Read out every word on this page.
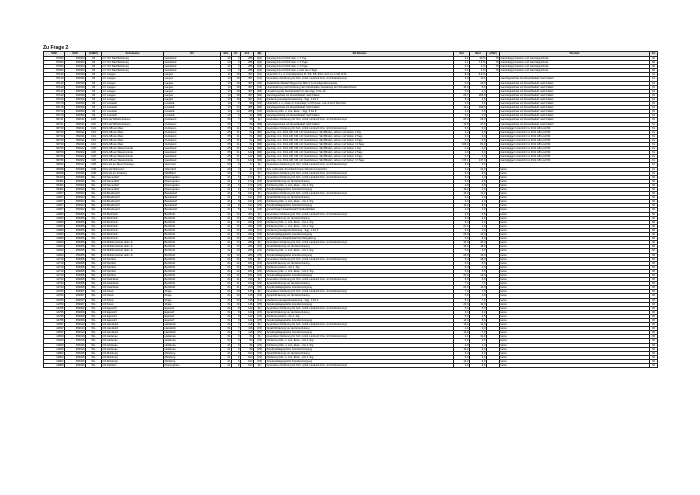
Zu Frage 2
SNR	SGS	[LNR2]	Schulname	Ort	SGL	KL	Sch	[B]	ZB-Klartext	Std	Wert	[ANZ]	Klartext	Art
87064	352003	O4	GY IGY Bad Berleburg	Gesstland	23	4	285	[Q2]	Ganztag FG-GY/IGS Sek. I / 1 Tsg.	3,2	40 %	79	Internatsgymnasium und Ganztagsschule	00
87064	352003	O4	GY IGY Bad Berleburg	Gesstland	23	4	285	[Q2]	Ganztag FG-GY/IGS Sek. I / 2 Tage	2,1	7,5 %	79	Internatsgymnasium und Ganztagsschule	00
87064	352003	O4	GY IGY Bad Berleburg	Gesstland	23	4	285	[Q3]	Ganztag FG-GY/IGS Sek. I / 3 Tage	0,5	2 %	79	Internatsgymnasium und Ganztagsschule	00
87064	352003	O4	GY IGY Bad Berleburg	Gesstland	23	4	285	[Q4]	Ganztag FG-GY/IGS Sek. I mehr als 3 Tage	0,5	1 %	79	Internatsgymnasium und Ganztagsschule	00
87143	352030	O4	GY Langen	Langen	13	19	457	[A1]	Unterricht 1 u. 2. Fremdsprache Kl. 5/6, 7/8, 9/10, G/O mo 4 Std./SJG	8,0	4,5 %			01
87143	352030	O4	GY Langen	Langen	13	19	457	[C1]	besondere Förderung für Sch. m/Gtl. Herkunft bzw. mit Förderkonzept	2,0	12,5		Ganztagsschule mit Zusatzbedarf nach Faktor	01
87143	352030	O4	GY Langen	Langen	13	19	457	[A2]	Zusätzlicher Bedarf Wegen bei SEK II zu Konfigurationsweise	3,0	10,0		Ganztagsschule mit Zusatzbedarf nach Faktor	01
87143	352030	O4	GY Langen	Langen	13	19	457	[O4]	Unterstützung und Förderung der individuellen Gestaltung der Schulabschluss	15,0	5,3		Ganztagsschule mit Zusatzbedarf nach Faktor	01
87143	352030	O4	GY Langen	Langen	13	19	457	[D5]	Umsetzung der Stundentafel 3 in den Sgg. 5 bis 10	4,0	2,3		Ganztagsschule mit Zusatzbedarf nach Faktor	01
87143	352030	O4	GY Langen	Langen	13	19	457	[M1]	Ganztagsschule mit Zusatzbedarf nach Faktor	23,7	252,5		Ganztagsschule mit Zusatzbedarf nach Faktor	01
87143	352030	O4	GY Langen	Langen	13	19	457	[F1]	Förderung Gesägt Erweiterung - Sgg. 1 bis 6	5,0	1,5		Ganztagsschule mit Zusatzbedarf nach Faktor	01
87179	352050	O4	GY Loxstedt	Loxstedt	13	5	96	[V2]	Unterricht 1. u. ersten 2. Fremdspr. in 9 Pmsse: max 3 bis 6 Std./SJG	3,0	1,0		Ganztagsschule mit Zusatzbedarf nach Faktor	01
87179	352050	O4	GY Loxstedt	Loxstedt	13	14	385	[M1]	Ganztagsschule mit Zusatzbedarf nach Faktor	13,1	160,5		Ganztagsschule mit Zusatzbedarf nach Faktor	01
87179	352050	O4	GY Loxstedt	Loxstedt	13	14	305	[V3]	Förderung Kilo. u. mot. Erwe. - Sgg. 5 bis 8	4,0	1,0		Ganztagsschule mit Zusatzbedarf nach Faktor	01
87179	352050	O4	GY Loxstedt	Loxstedt	13	2	42	[M5]	Ganztagsschule mit Zusatzbedarf nach Faktor	6,1	1,3		Ganztagsschule mit Zusatzbedarf nach Faktor	01
90721	352011	C20	FGS-LE Wilhelmshaven	Cuxhaven	60	7	88	[I1]	besondere Förderung für Sch. m/Gtl. Herkunft bzw. mit Förderkonzept	25,0	23,0		Ganztagsschule mit Zusatzbedarf nach Faktor	01
90721	352011	C20	FGS-LE Wilhelmshaven	Cuxhaven	60	7	88	[M6]	Ganztagsschule mit Zusatzbedarf nach Faktor	13,8	47,0		Ganztagsschule mit Zusatzbedarf nach Faktor	01
90733	352011	C21	FGS-GB am Meer	Cuxhaven	65	11	61	[I1]	besondere Förderung für Sch. m/Gtl. Herkunft bzw. mit Förderkonzept	6,0	0,0		Ganztägiger Unterricht im FGS GB und KM	01
90733	352011	C21	FGS-GB am Meer	Cuxhaven	65	11	61	[M1]	ganztäg. Unt. FGS-GB, KM, HO (Gehörlose), SE (Blinde), Hören und Sehen 1 Tsg.	3,2	0,0		Ganztägiger Unterricht im FGS GB und KM	01
90733	352011	C21	FGS-GB am Meer	Cuxhaven	65	11	61	[M2]	ganztäg. Unt. FGS-GB, KM, HO (Gehörlose), SE (Blinde), Hören und Sehen 2 Tage	0,0	0,0		Ganztägiger Unterricht im FGS GB und KM	01
90733	352011	C21	FGS-GB am Meer	Cuxhaven	65	11	61	[M3]	ganztäg. Unt. FGS-GB, KM, HO (Gehörlose), SE (Blinde), Hören und Sehen 3 Tage	0,0	0,0		Ganztägiger Unterricht im FGS GB und KM	01
90733	352011	C21	FGS-GB am Meer	Cuxhaven	65	11	61	[M4]	ganztäg. Unt. FGS-GB, KM, HO (Gehörlose), SE (Blinde), Hören und Sehen >3 Tage	105,3	81,0		Ganztägiger Unterricht im FGS GB und KM	01
90769	352002	C26	FGS-GB am Wesermünde	Gesstland	65	21	142	[M1]	ganztäg. Unt. FGS-GB, KM, HO (Gehörlose), SE (Blinde), Hören und Sehen 1 Tsg.	0,0	0,0		Ganztägiger Unterricht im FGS GB und KM	01
90769	352002	C26	FGS-GB am Wesermünde	Gesstland	65	21	142	[M2]	ganztäg. Unt. FGS-GB, KM, HO (Gehörlose), SE (Blinde), Hören und Sehen 2 Tage	0,0	0,0		Ganztägiger Unterricht im FGS GB und KM	01
90769	352002	C26	FGS-GB am Wesermünde	Gesstland	65	21	142	[M3]	ganztäg. Unt. FGS-GB, KM, HO (Gehörlose), SE (Blinde), Hören und Sehen 3 Tage	0,0	0,0		Ganztägiger Unterricht im FGS GB und KM	01
90769	352002	C26	FGS-GB am Wesermünde	Gesstland	65	21	142	[M4]	ganztäg. Unt. FGS-GB, KM, HO (Gehörlose), SE (Blinde), Hören und Sehen >3 Tage	176,1	137,0		Ganztägiger Unterricht im FGS GB und KM	01
90824	352017	C28	FGS-LE am Meer Postweg	Hemmoor	60	4	47	[I1]	besondere Förderung für Sch. m/Gtl. Herkunft bzw. mit Förderkonzept	3,0	2,0			01
90848	352006	C48	FGS-LE Wittmund	Otterndorf	60	2	21	[V2]	Zus. Lehrerstd. für Aufsicht beim Schwimmunterricht	2,0	21,0		keine	01
90848	352006	C48	FGS-LE am Freiburg	Schiffdorf	60	5	47	[I1]	besondere Förderung für Sch. m/Gtl. Herkunft bzw. mit Förderkonzept	6,0	5,0		keine	01
05443	353005	WL	GS Neuendorf	Rosengarten	01	6	174	[I1]	besondere Förderung für Sch. m/Gtl. Herkunft bzw. mit Förderkonzept	6,0	1,0		keine	06
05484	353009	WL	GS Neuendorf	Rosengarten	01	6	174	[V3]	Sprachförderung vor der Einschulung	5,0	0,5		keine	06
05484	353009	WL	GS Neuendorf	Rosengarten	01	6	174	[V4]	Förderung Kilo. u. mot. Erwe. - bis 4. Sig.	4,0	0,5		keine	06
05484	353009	WL	GS Neuendorf	Rosengarten	01	6	174	[V5]	Sonderpädagogische Grundversorgung	16,0	1,0		keine	06
14667	353003	WL	GS Bendestorf	Bendestorf	01	8	131	[I1]	besondere Förderung für Sch. m/Gtl. Herkunft bzw. mit Förderkonzept	16,0	11,0		keine	06
14667	353003	WL	GS Bendestorf	Bendestorf	01	8	131	[V3]	Sprachförderung vor der Einschulung	6,0	1,0		keine	06
14667	353003	WL	GS Bendestorf	Bendestorf	01	8	131	[V4]	Förderung Kilo. u. mot. Erwe. - bis 4. Sig.	6,0	2,0		keine	06
14667	353003	WL	GS Bendestorf	Bendestorf	01	8	131	[V5]	Sonderpädagogische Grundversorgung	16,0	8,0		keine	06
14667	353003	WL	GS Bendestorf	Bendestorf	01	8	131	[V6]	gemehmigter Zusatzbedarf Verlässlichkeit	4,0	4,0		keine	06
14680	353005	WL	GS Buchholz	Buchholz	01	12	264	[I1]	besondere Förderung für Sch. m/Gtl. Herkunft bzw. mit Förderkonzept	3,0	0,5		keine	06
14680	353005	WL	GS Buchholz	Buchholz	01	12	264	[V3]	Sprachförderung vor der Einschulung	6,0	3,0		keine	06
14680	353005	WL	GS Buchholz	Buchholz	01	12	264	[V4]	Förderung Kilo. u. mot. Erwe. - bis 4. Sig.	5,0	2,0		keine	06
14680	353005	WL	GS Buchholz	Buchholz	01	12	264	[V5]	Förderung Kilo. u. mot. Erwe. - bis 4. Sig.	21,0	7,0		keine	06
14680	353005	WL	GS Buchholz	Buchholz	01	12	264	[F1]	Förderung Gesägt Erweiterung - Sgg. 1 bis 6	9,0	1,0		keine	06
14680	353005	WL	GS Buchholz	Buchholz	01	12	264	[V6]	Sonderpädagogische Grundversorgung	24,0	12,0		keine	06
14680	353005	WL	GS Buchholz	Buchholz	01	12	264	[V7]	gemehmigter Zusatzbedarf Hochbegabung	5,0	5,0		keine	06
14693	353005	WL	GS Mühlenschule Holm-S.	Buchholz	01	13	280	[I1]	besondere Förderung für Sch. m/Gtl. Herkunft bzw. mit Förderkonzept	10,0	20,0		keine	06
14693	353005	WL	GS Mühlenschule Holm-S.	Buchholz	01	13	280	[V3]	Sprachförderung vor der Einschulung	18,0	18,0		keine	06
14693	353005	WL	GS Mühlenschule Holm-S.	Buchholz	01	13	280	[V4]	Förderung Kilo. u. mot. Erwe. - bis 4. Sig.	4,0	4,0		keine	06
14693	353005	WL	GS Mühlenschule Holm-S.	Buchholz	01	13	280	[V5]	Sonderpädagogische Grundversorgung	26,0	13,0		keine	06
14710	353005	WL	GS Sprötze	Buchholz	01	12	181	[I1]	besondere Förderung für Sch. m/Gtl. Herkunft bzw. mit Förderkonzept	6,0	48,0		keine	06
14710	353005	WL	GS Sprötze	Buchholz	01	12	181	[V3]	Sprachförderung vor der Einschulung	6,0	3,0		keine	06
14710	353005	WL	GS Sprötze	Buchholz	01	12	181	[V4]	Förderung Hören - bis 4. Sig.	3,0	1,0		keine	06
14710	353005	WL	GS Sprötze	Buchholz	01	12	181	[V5]	Förderung Kilo. u. mot. Erwe. - bis 4. Sig.	6,0	0,5		keine	06
14710	353005	WL	GS Sprötze	Buchholz	01	12	181	[V6]	Sonderpädagogische Grundversorgung	24,0	12,0		keine	06
14734	353005	WL	GS Steinbeck	Buchholz	01	11	210	[I1]	besondere Förderung für Sch. m/Gtl. Herkunft bzw. mit Förderkonzept	6,0	3,0		keine	06
14734	353005	WL	GS Steinbeck	Buchholz	01	11	210	[V3]	Sprachförderung vor der Einschulung	7,0	7,0		keine	06
14734	353005	WL	GS Steinbeck	Buchholz	01	11	210	[V5]	Sonderpädagogische Grundversorgung	22,0	11,0		keine	06
14783	353007	WL	GS Stove	Drage	01	10	145	[I1]	besondere Förderung für Sch. m/Gtl. Herkunft bzw. mit Förderkonzept	7,0	7,0		keine	06
14783	353007	WL	GS Stove	Drage	01	10	145	[V3]	Sprachförderung vor der Einschulung	5,0	1,0		keine	06
14783	353007	WL	GS Stove	Drage	01	10	145	[F1]	Förderung Gesägt Erweiterung - Sgg. 1 bis 6	5,0	7,0		keine	06
14783	353007	WL	GS Stove	Drage	01	10	145	[V5]	Sonderpädagogische Grundversorgung	20,0	10,0		keine	06
14795	353009	WL	GS Egestorf	Egestorf	01	8	124	[I1]	besondere Förderung für Sch. m/Gtl. Herkunft bzw. mit Förderkonzept	5,0	5,0		keine	06
14795	353009	WL	GS Egestorf	Egestorf	01	8	124	[V3]	Sprachförderung vor der Einschulung	3,0	2,0		keine	06
14795	353009	WL	GS Egestorf	Egestorf	01	8	124	[V4]	Förderung Hören - bis 4. Sig.	5,0	0,5		keine	06
14795	353009	WL	GS Egestorf	Egestorf	01	8	124	[V5]	Sonderpädagogische Grundversorgung	14,0	8,0		keine	06
14837	353013	WL	GS Handeloh	Handeloh	01	7	115	[I1]	besondere Förderung für Sch. m/Gtl. Herkunft bzw. mit Förderkonzept	12,0	11,0		keine	06
14837	353013	WL	GS Handeloh	Handeloh	01	7	115	[V3]	Sprachförderung vor der Einschulung	4,0	4,0		keine	06
14837	353013	WL	GS Handeloh	Handeloh	01	7	115	[V5]	Sonderpädagogische Grundversorgung	14,0	7,0		keine	06
14849	353016	WL	GS Hedenau	Heidenau	01	6	84	[I1]	besondere Förderung für Sch. m/Gtl. Herkunft bzw. mit Förderkonzept	2,0	31,0		keine	06
14849	353016	WL	GS Hedenau	Heidenau	01	6	84	[V3]	Förderung Kilo. u. mot. Erwe. - bis 4. Sig.	3,0	1,0		keine	06
14849	353016	WL	GS Hedenau	Heidenau	01	6	84	[V4]	Förderung Kilo. u. mot. Erwe. - bis 4. Sig.	4,0	1,0		keine	06
14849	353016	WL	GS Hedenau	Heidenau	01	5	84	[V5]	Sonderpädagogische Grundversorgung	10,0	5,0		keine	06
14862	353025	WL	GS Moisburg	Moisburg	01	6	104	[V3]	Sprachförderung vor der Einschulung	6,0	3,0		keine	06
14862	353025	WL	GS Moisburg	Moisburg	01	6	104	[V4]	Förderung Kilo. u. mot. Erwe. - bis 4. Sig.	6,0	3,0		keine	06
14862	353025	WL	GS Moisburg	Moisburg	01	6	104	[V5]	Sonderpädagogische Grundversorgung	12,0	6,0		keine	06
14886	353030	WL	GS Klecken	Rosengarten	01	8	157	[I1]	besondere Förderung für Sch. m/Gtl. Herkunft bzw. mit Förderkonzept	3,0	8,0		keine	06
